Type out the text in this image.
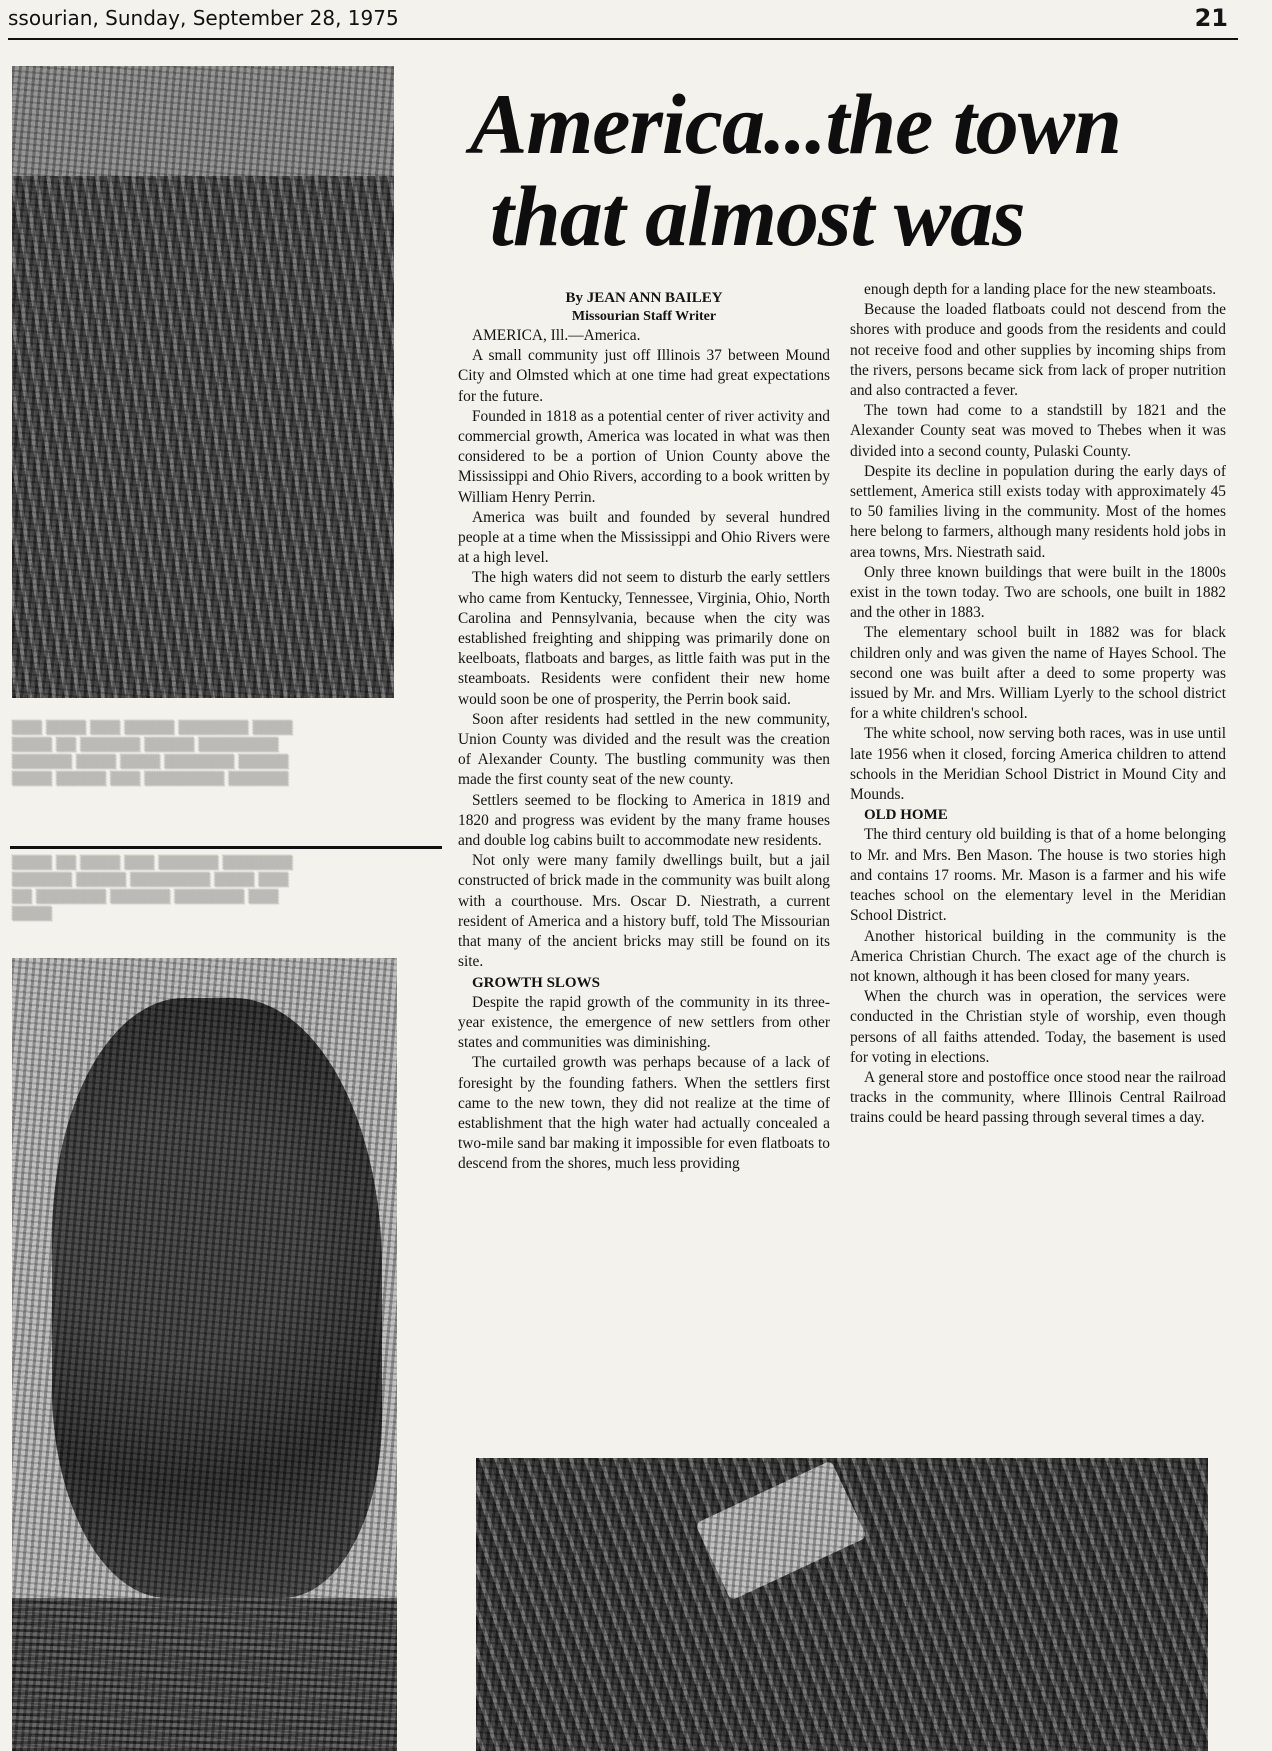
ssourian, Sunday, September 28, 1975	21
▒▒▒ ▒▒▒▒ ▒▒▒ ▒▒▒▒▒ ▒▒▒▒▒▒▒ ▒▒▒▒
▒▒▒▒ ▒▒ ▒▒▒▒▒▒ ▒▒▒▒▒ ▒▒▒▒▒▒▒▒
▒▒▒▒▒▒ ▒▒▒▒ ▒▒▒▒ ▒▒▒▒▒▒▒ ▒▒▒▒▒
▒▒▒▒ ▒▒▒▒▒ ▒▒▒ ▒▒▒▒▒▒▒▒ ▒▒▒▒▒▒
▒▒▒▒ ▒▒ ▒▒▒▒ ▒▒▒ ▒▒▒▒▒▒ ▒▒▒▒▒▒▒
▒▒▒▒▒▒ ▒▒▒▒▒ ▒▒▒▒▒▒▒▒ ▒▒▒▒ ▒▒▒
▒▒ ▒▒▒▒▒▒▒ ▒▒▒▒▒▒ ▒▒▒▒▒▒▒ ▒▒▒
▒▒▒▒
America...the town
that almost was
By JEAN ANN BAILEY
Missourian Staff Writer

AMERICA, Ill.—America.

A small community just off Illinois 37 between Mound City and Olmsted which at one time had great expectations for the future.

Founded in 1818 as a potential center of river activity and commercial growth, America was located in what was then considered to be a portion of Union County above the Mississippi and Ohio Rivers, according to a book written by William Henry Perrin.

America was built and founded by several hundred people at a time when the Mississippi and Ohio Rivers were at a high level.

The high waters did not seem to disturb the early settlers who came from Kentucky, Tennessee, Virginia, Ohio, North Carolina and Pennsylvania, because when the city was established freighting and shipping was primarily done on keelboats, flatboats and barges, as little faith was put in the steamboats. Residents were confident their new home would soon be one of prosperity, the Perrin book said.

Soon after residents had settled in the new community, Union County was divided and the result was the creation of Alexander County. The bustling community was then made the first county seat of the new county.

Settlers seemed to be flocking to America in 1819 and 1820 and progress was evident by the many frame houses and double log cabins built to accommodate new residents.

Not only were many family dwellings built, but a jail constructed of brick made in the community was built along with a courthouse. Mrs. Oscar D. Niestrath, a current resident of America and a history buff, told The Missourian that many of the ancient bricks may still be found on its site.

GROWTH SLOWS

Despite the rapid growth of the community in its three-year existence, the emergence of new settlers from other states and communities was diminishing.

The curtailed growth was perhaps because of a lack of foresight by the founding fathers. When the settlers first came to the new town, they did not realize at the time of establishment that the high water had actually concealed a two-mile sand bar making it impossible for even flatboats to descend from the shores, much less providing

enough depth for a landing place for the new steamboats.

Because the loaded flatboats could not descend from the shores with produce and goods from the residents and could not receive food and other supplies by incoming ships from the rivers, persons became sick from lack of proper nutrition and also contracted a fever.

The town had come to a standstill by 1821 and the Alexander County seat was moved to Thebes when it was divided into a second county, Pulaski County.

Despite its decline in population during the early days of settlement, America still exists today with approximately 45 to 50 families living in the community. Most of the homes here belong to farmers, although many residents hold jobs in area towns, Mrs. Niestrath said.

Only three known buildings that were built in the 1800s exist in the town today. Two are schools, one built in 1882 and the other in 1883.

The elementary school built in 1882 was for black children only and was given the name of Hayes School. The second one was built after a deed to some property was issued by Mr. and Mrs. William Lyerly to the school district for a white children's school.

The white school, now serving both races, was in use until late 1956 when it closed, forcing America children to attend schools in the Meridian School District in Mound City and Mounds.

OLD HOME

The third century old building is that of a home belonging to Mr. and Mrs. Ben Mason. The house is two stories high and contains 17 rooms. Mr. Mason is a farmer and his wife teaches school on the elementary level in the Meridian School District.

Another historical building in the community is the America Christian Church. The exact age of the church is not known, although it has been closed for many years.

When the church was in operation, the services were conducted in the Christian style of worship, even though persons of all faiths attended. Today, the basement is used for voting in elections.

A general store and postoffice once stood near the railroad tracks in the community, where Illinois Central Railroad trains could be heard passing through several times a day.
